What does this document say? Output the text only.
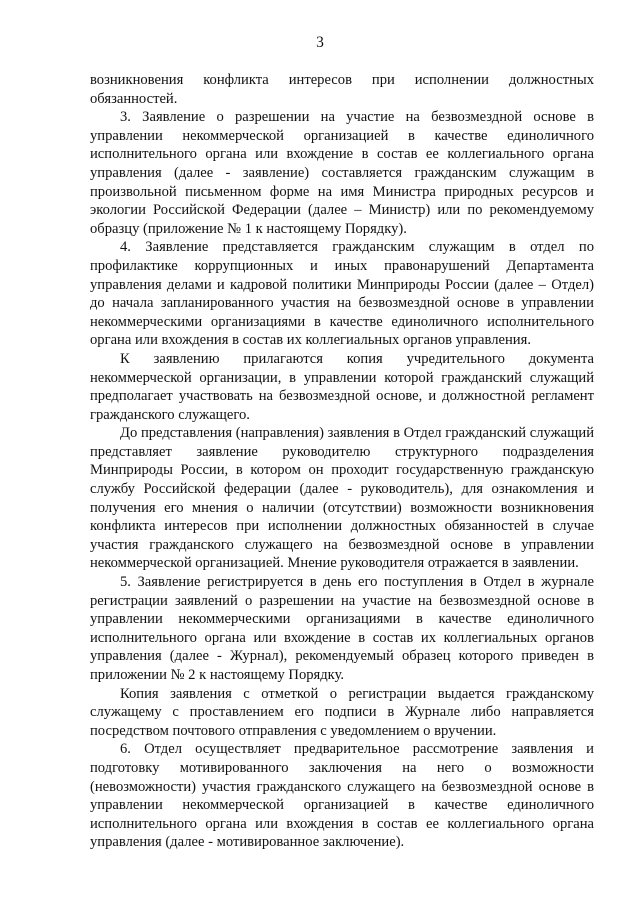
3

возникновения конфликта интересов при исполнении должностных обязанностей.

3. Заявление о разрешении на участие на безвозмездной основе в управлении некоммерческой организацией в качестве единоличного исполнительного органа или вхождение в состав ее коллегиального органа управления (далее - заявление) составляется гражданским служащим в произвольной письменном форме на имя Министра природных ресурсов и экологии Российской Федерации (далее – Министр) или по рекомендуемому образцу (приложение № 1 к настоящему Порядку).

4. Заявление представляется гражданским служащим в отдел по профилактике коррупционных и иных правонарушений Департамента управления делами и кадровой политики Минприроды России (далее – Отдел) до начала запланированного участия на безвозмездной основе в управлении некоммерческими организациями в качестве единоличного исполнительного органа или вхождения в состав их коллегиальных органов управления.

К заявлению прилагаются копия учредительного документа некоммерческой организации, в управлении которой гражданский служащий предполагает участвовать на безвозмездной основе, и должностной регламент гражданского служащего.

До представления (направления) заявления в Отдел гражданский служащий представляет заявление руководителю структурного подразделения Минприроды России, в котором он проходит государственную гражданскую службу Российской федерации (далее - руководитель), для ознакомления и получения его мнения о наличии (отсутствии) возможности возникновения конфликта интересов при исполнении должностных обязанностей в случае участия гражданского служащего на безвозмездной основе в управлении некоммерческой организацией. Мнение руководителя отражается в заявлении.

5. Заявление регистрируется в день его поступления в Отдел в журнале регистрации заявлений о разрешении на участие на безвозмездной основе в управлении некоммерческими организациями в качестве единоличного исполнительного органа или вхождение в состав их коллегиальных органов управления (далее - Журнал), рекомендуемый образец которого приведен в приложении № 2 к настоящему Порядку.

Копия заявления с отметкой о регистрации выдается гражданскому служащему с проставлением его подписи в Журнале либо направляется посредством почтового отправления с уведомлением о вручении.

6. Отдел осуществляет предварительное рассмотрение заявления и подготовку мотивированного заключения на него о возможности (невозможности) участия гражданского служащего на безвозмездной основе в управлении некоммерческой организацией в качестве единоличного исполнительного органа или вхождения в состав ее коллегиального органа управления (далее - мотивированное заключение).
